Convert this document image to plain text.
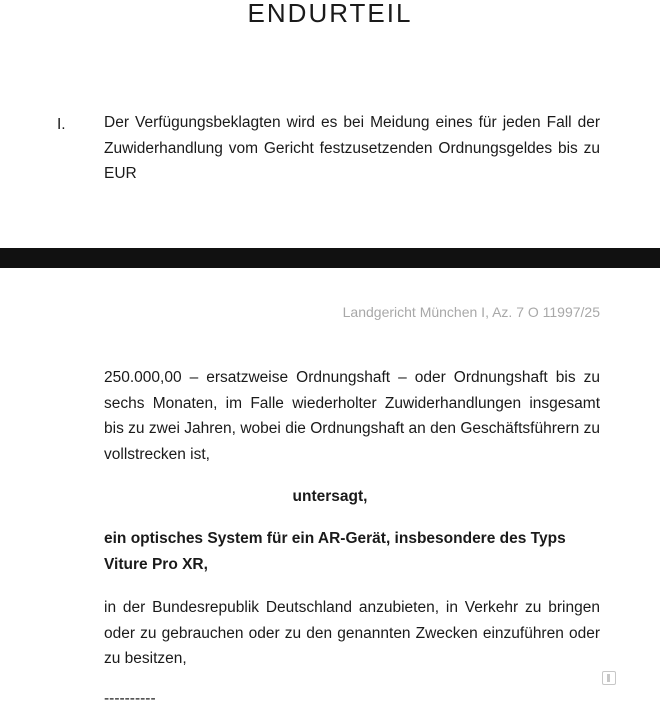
ENDURTEIL
I. Der Verfügungsbeklagten wird es bei Meidung eines für jeden Fall der Zuwiderhandlung vom Gericht festzusetzenden Ordnungsgeldes bis zu EUR

Landgericht München I, Az. 7 O 11997/25

250.000,00 – ersatzweise Ordnungshaft – oder Ordnungshaft bis zu sechs Monaten, im Falle wiederholter Zuwiderhandlungen insgesamt bis zu zwei Jahren, wobei die Ordnungshaft an den Geschäftsführern zu vollstrecken ist,

untersagt,

ein optisches System für ein AR-Gerät, insbesondere des Typs Viture Pro XR,

in der Bundesrepublik Deutschland anzubieten, in Verkehr zu bringen oder zu gebrauchen oder zu den genannten Zwecken einzuführen oder zu besitzen,

----------
